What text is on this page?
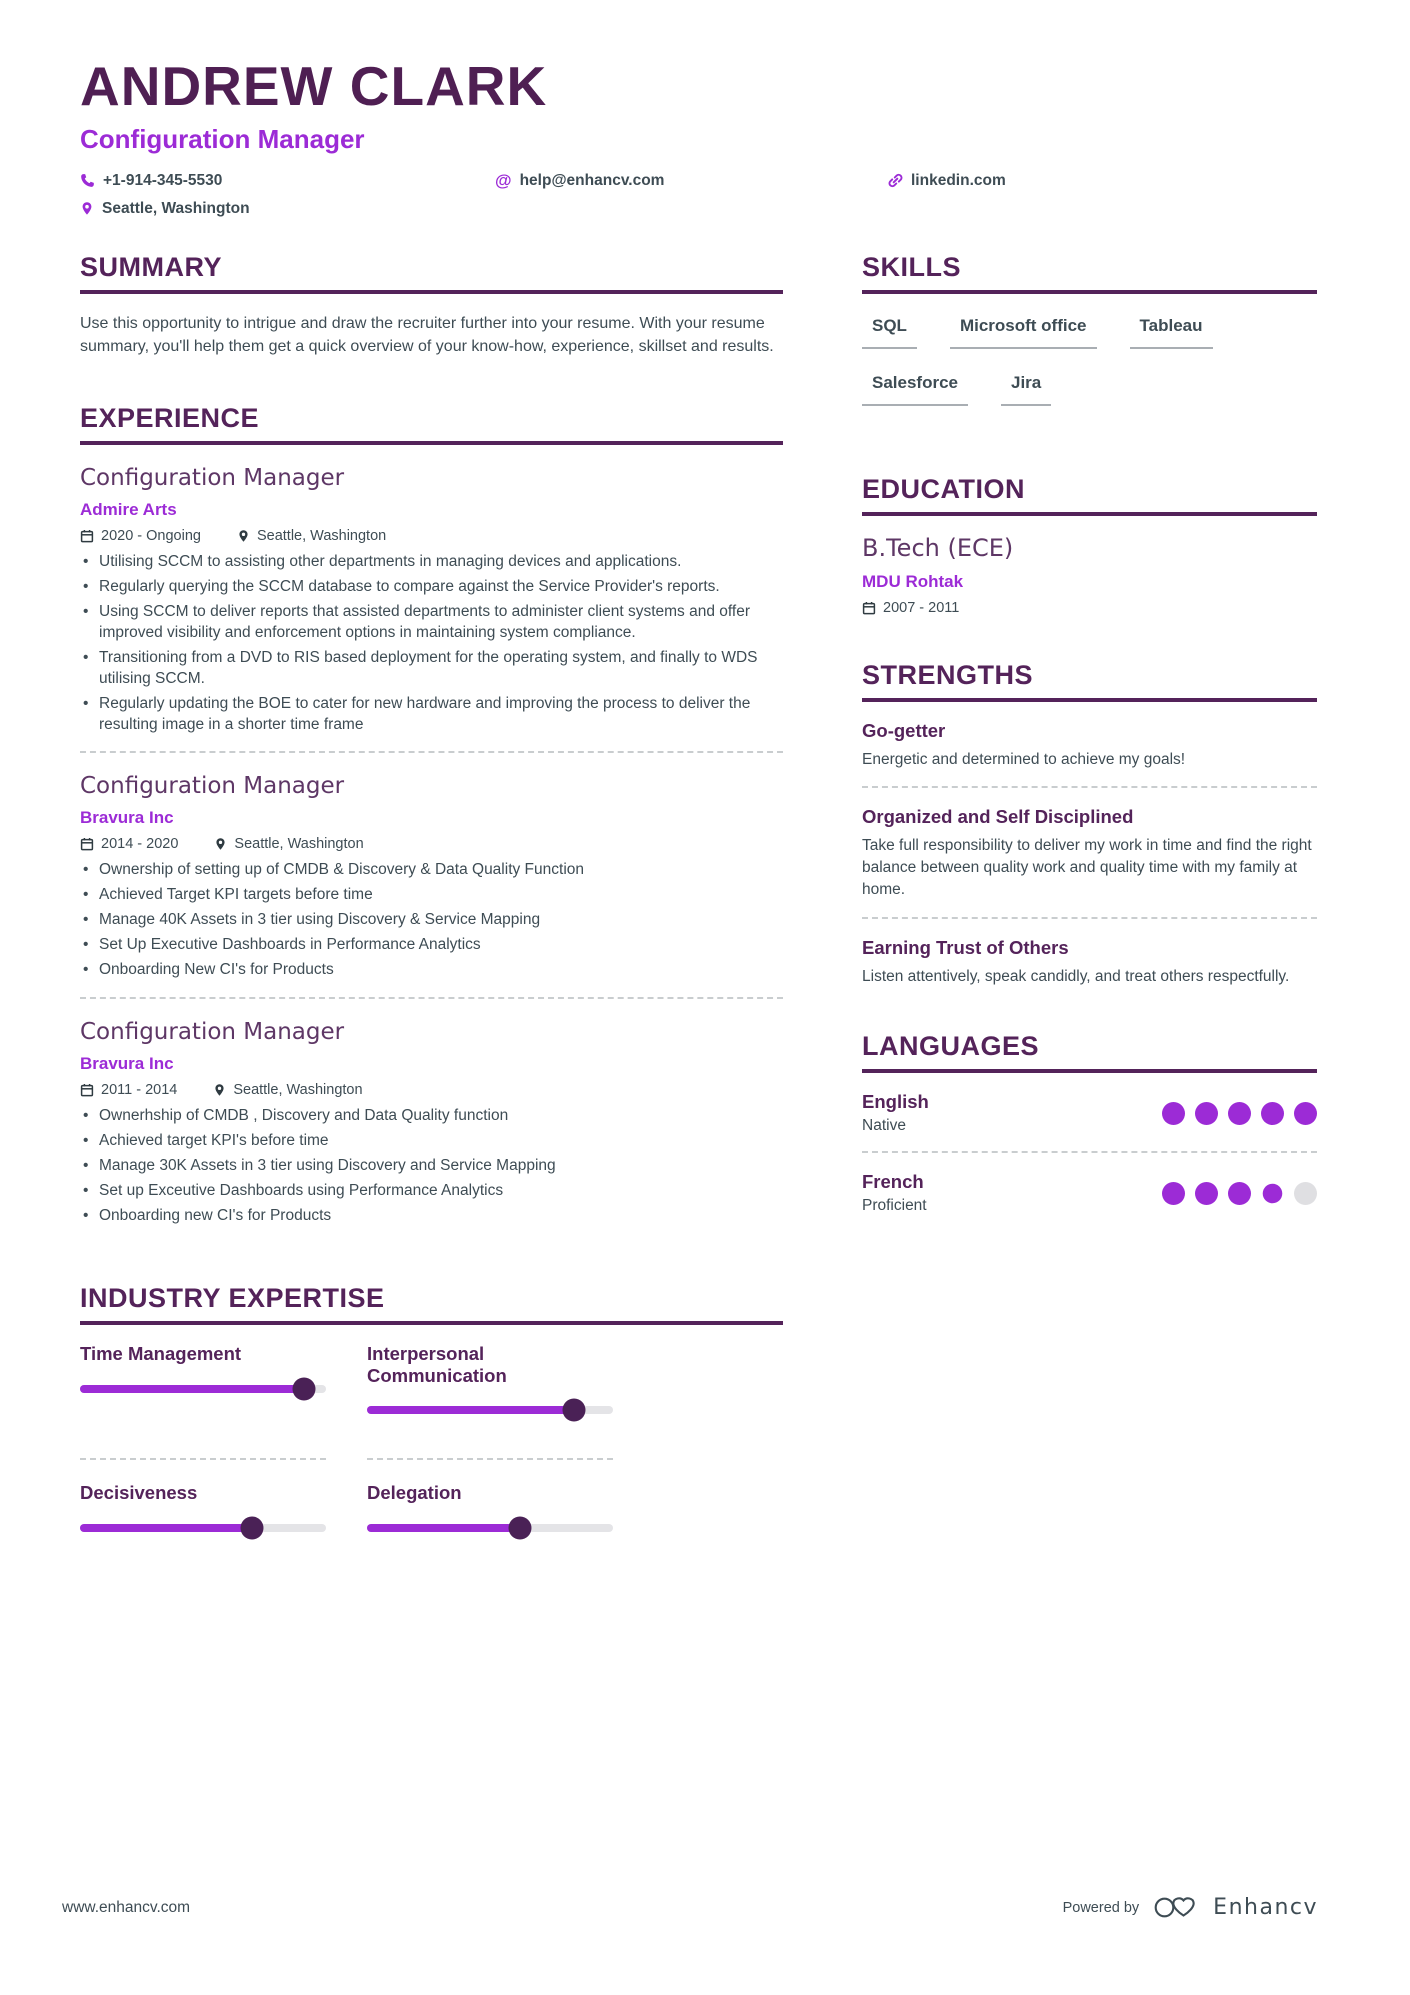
ANDREW CLARK
Configuration Manager
+1-914-345-5530	@ help@enhancv.com	linkedin.com
Seattle, Washington
SUMMARY

Use this opportunity to intrigue and draw the recruiter further into your resume. With your resume summary, you'll help them get a quick overview of your know-how, experience, skillset and results.

EXPERIENCE
Configuration Manager
Admire Arts
2020 - Ongoing	Seattle, Washington
• Utilising SCCM to assisting other departments in managing devices and applications.
• Regularly querying the SCCM database to compare against the Service Provider's reports.
• Using SCCM to deliver reports that assisted departments to administer client systems and offer improved visibility and enforcement options in maintaining system compliance.
• Transitioning from a DVD to RIS based deployment for the operating system, and finally to WDS utilising SCCM.
• Regularly updating the BOE to cater for new hardware and improving the process to deliver the resulting image in a shorter time frame
Configuration Manager
Bravura Inc
2014 - 2020	Seattle, Washington
• Ownership of setting up of CMDB & Discovery & Data Quality Function
• Achieved Target KPI targets before time
• Manage 40K Assets in 3 tier using Discovery & Service Mapping
• Set Up Executive Dashboards in Performance Analytics
• Onboarding New CI's for Products
Configuration Manager
Bravura Inc
2011 - 2014	Seattle, Washington
• Ownerhship of CMDB , Discovery and Data Quality function
• Achieved target KPI's before time
• Manage 30K Assets in 3 tier using Discovery and Service Mapping
• Set up Exceutive Dashboards using Performance Analytics
• Onboarding new CI's for Products
INDUSTRY EXPERTISE
Time Management	Interpersonal Communication
Decisiveness	Delegation
SKILLS
SQL	Microsoft office	Tableau
Salesforce	Jira
EDUCATION
B.Tech (ECE)
MDU Rohtak
2007 - 2011
STRENGTHS
Go-getter
Energetic and determined to achieve my goals!
Organized and Self Disciplined
Take full responsibility to deliver my work in time and find the right balance between quality work and quality time with my family at home.
Earning Trust of Others
Listen attentively, speak candidly, and treat others respectfully.
LANGUAGES
English
Native
French
Proficient
www.enhancv.com	Powered by	Enhancv
